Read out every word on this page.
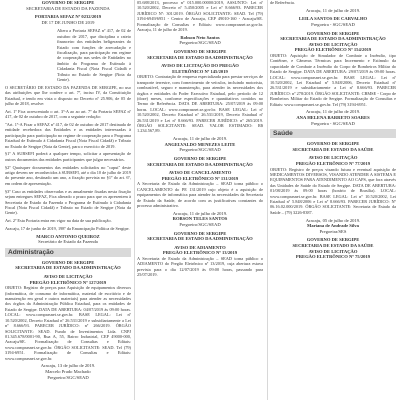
GOVERNO DE SERGIPE

SECRETARIA DE ESTADO DA FAZENDA

PORTARIA SEFAZ Nº 0232/2019

DE 17 DE JUNHO DE 2019

Altera a Portaria SEFAZ nº 417, de 02 de outubro de 2017, que disciplina o rateio financeiro dos entidades beligerantes do Estado com funções de arrecadação e fiscalização, para participação em regime de cooperação nas sedes de Entidades no âmbito do Programa de Estímulo à Cidadania Fiscal (Nota Fiscal Cidadã e Tributo no Estado de Sergipe (Nota da Gente).

O SECRETÁRIO DE ESTADO DA FAZENDA DE SERGIPE, no uso das atribuições que lhe confere o art. 7º, inciso IV, da Constituição Estadual, e tendo em vista o disposto no Decreto nº 25.906, de 05 de julho de 2018, resolve:

Art. 1º Fica acrescentado o art. 3º-A ao ao art. 7º da Portaria SEFAZ nº 417, de 02 de outubro de 2017, com a seguinte redação:

"Art. 1º-A Fixar a SEFAZ nº 417, de 02 de outubro de 2017 destinada de entidade recebedora das Entidades e as entidades interessadas à participação para participação no regime de cooperação para o Programa Estadual de Estímulo à Cidadania Fiscal (Nota Fiscal Cidadã) e Tributo no Estado de Sergipe (Nota da Gente), para o exercício de 2019.

§1º A SUBSEFI poderá a qualquer tempo, solicitar a apresentação de outros documentos das entidades participantes que julgar necessários.

§2º Quaisquer documentos das entidades solicitados no "caput" deste artigo devem ser reconhecidos à SUBSEFI, até o dia 10 de julho de 2019 do presente ano, destinado um ano, a fixação prevista no §1º do art. 6º, em ordem de apresentação.

§3º Caso as entidades observadas e as anualmente fixadas nesta fixação sejam entregues SEFAZ, Fica alterado o prazo para que os apresentem à Secretaria de Estado da Fazenda o Programa de Estímulo à Cidadania Fiscal (Nota Fiscal Cidadã) e Tributo no Estado de Sergipe (Nota da Gente).

Art. 2º Esta Portaria entra em vigor na data de sua publicação.

Aracaju, 17 de junho de 2019, 198º da Emancipação Política de Sergipe.

MARCO ANTONIO QUEIROZ

Secretário de Estado da Fazenda

Administração

GOVERNO DE SERGIPE

SECRETARIA DE ESTADO DA ADMINISTRAÇÃO

AVISO DE LICITAÇÃO

PREGÃO ELETRÔNICO Nº 127/2019

OBJETO: Registro de preços para Aquisição de equipamentos diversos (informática, de consumo de informática, material de escritório e de manutenção em geral e outros materiais) para atender as necessidades dos órgãos da Administração Pública Estadual, para os entidades de Estado de Sergipe. DATA DE ABERTURA: 04/07/2019 às 09:00 horas. LOCAL: www.comprasnet.se.gov.br. BASE LEGAL: Lei nº 10.520/2002, Decreto Estadual nº 26.531/2019 e subsidiariamente a Lei nº 8.666/93. PARECER JURÍDICO: nº 266/2019. ÓRGÃO SOLICITANTE: SEAD. Fundo de Investimentos Ltda. CNPJ 01.345.678/0001-90, Rua A, 55, Bairro Industrial, CEP 49000-000, Aracaju/SE. Formalização de Consultas e Editais: www.comprasnet.se.gov.br. ÓRGÃO SOLICITANTE: SEAD. Tel (79) 3194-6951. Formalização de Consultas e Editais: www.comprasnet.se.gov.br.

Aracaju, 13 de julho de 2019.

Marcelo Prado Machado

Pregoeiro/SGC/SEAD

05.688/2013, processo nº 015.000.00000/2019, ASSUNTO: Lei nº 10.520/2002, Decreto nº 5.450/2005 e Lei nº 8.666/93. PARECER JURÍDICO Nº: 301/2019. ÓRGÃO SOLICITANTE: SEAD. Tel (79) 3194-6949/6951 - Centro de Aracaju, CEP 49010-160 - Aracaju/SE. Formalização de Consultas e Editais: www.comprasnet.se.gov.br. Aracaju, 11 de julho de 2019.

Robson Neto Santos

Pregoeiro/SGC/SEAD

GOVERNO DE SERGIPE

SECRETARIA DE ESTADO DA ADMINISTRAÇÃO

AVISO DE LICITAÇÃO DO PREGÃO

ELETRÔNICO Nº 145/2019

OBJETO: Contratação de empresa especializada para prestar serviços de transporte terrestre, com fornecimento de veículos, incluindo motorista, combustível, seguro e manutenção, para atender às necessidades dos órgãos e entidades do Poder Executivo Estadual, pelo período de 12 (doze) meses, conforme especificações e quantitativos contidos no Termo de Referência. DATA DE ABERTURA: 25/07/2019 às 09:00 horas. LOCAL: www.comprasnet.se.gov.br. BASE LEGAL: Lei nº 10.520/2002, Decreto Estadual nº 26.531/2019, Decreto Estadual nº 26.531/2019 e Lei nº 8.666/93. PARECER JURÍDICO: nº 265/2019. ÓRGÃO SOLICITANTE: SEAD. VALOR ESTIMADO: R$ 1.234.567,89.

Aracaju, 11 de julho de 2019.

ANGELVALDO MENEZES LEITE

Pregoeiro/SGC/SEAD

GOVERNO DE SERGIPE

SECRETARIA DE ESTADO DA ADMINISTRAÇÃO

AVISO DE CANCELAMENTO

PREGÃO ELETRÔNICO Nº 131/2019

A Secretaria de Estado da Administração – SEAD torna público o CANCELAMENTO do PE 131/2019 cujo objeto é a aquisição de equipamentos de informática para atender às necessidades da Secretaria de Estado da Saúde, de acordo com as justificativas constantes do processo administrativo.

Aracaju, 11 de julho de 2019.

ROBSON TELES SANTOS

Pregoeiro/SGC/SEAD

GOVERNO DE SERGIPE

SECRETARIA DE ESTADO DA ADMINISTRAÇÃO

AVISO DE ADIAMENTO

PREGÃO ELETRÔNICO Nº 13/2019

A Secretaria de Estado da Administração – SEAD torna público o ADIAMENTO do Pregão Eletrônico nº 13/2019, cuja abertura estava prevista para o dia 12/07/2019 às 09:00 horas, passando para 25/07/2019.

de Referência.

Aracaju, 11 de julho de 2019.

LEILA SANTOS DE CARVALHO

Pregoeira - SGC/SEAD

GOVERNO DE SERGIPE

SECRETARIA DE ESTADO DA ADMINISTRAÇÃO

AVISO DE LICITAÇÃO

PREGÃO ELETRÔNICO Nº 154/2019

OBJETO: Aquisição de Simulador de Combate a Incêndio, tipo Contêiner, e Câmeras Térmicas para Incremento e Estímulo da capacidade de Combate a Incêndio do Corpo de Bombeiros Militar do Estado de Sergipe. DATA DE ABERTURA: 29/07/2019 às 09:00 horas. LOCAL: www.comprasnet.se.gov.br. BASE LEGAL: Lei nº 10.520/2002, Lei Estadual nº 5.848/2006, Decreto Estadual nº 26.531/2019 e subsidiariamente a Lei nº 8.666/93. PARECER JURÍDICO: nº 278/2019. ÓRGÃO SOLICITANTE: CBMSE - Corpo de Bombeiros Militar do Estado de Sergipe. Formalização de Consultas e Editais: www.comprasnet.se.gov.br. Tel (79) 3194-6951.

Aracaju, 11 de julho de 2019.

ANA HELENA BARRETO SOARES

Pregoeira - SGC/SEAD

Saúde

GOVERNO DE SERGIPE

SECRETARIA DE ESTADO DA SAÚDE

AVISO DE LICITAÇÃO

PREGÃO ELETRÔNICO Nº 77/2019

OBJETO: Registro de preços visando futura e eventual aquisição de MEDICAMENTOS DIVERSOS, VISANDO ATENDER A SISTEMA E EQUIPAMENTOS PARA ATENDIMENTO AO CAPS, que fora através das Unidades de Saúde do Estado de Sergipe. DATA DE ABERTURA: 01/08/2019 às 09:00 horas (horário de Brasília). LOCAL: www.comprasnet.se.gov.br. BASE LEGAL: Lei nº 10.520/2002, Lei Estadual nº 5.848/2006 e Lei nº 8.666/93. PARECER JURÍDICO: Nº 06.16.02.000/2019. ÓRGÃO SOLICITANTE: Secretaria de Estado da Saúde – (79) 3226-8387.

Aracaju, 05 de julho de 2019.

Mariana de Andrade Silva

Pregoeira/SES

GOVERNO DE SERGIPE

SECRETARIA DE ESTADO DA SAÚDE

AVISO DE LICITAÇÃO

PREGÃO ELETRÔNICO Nº 75/2019
